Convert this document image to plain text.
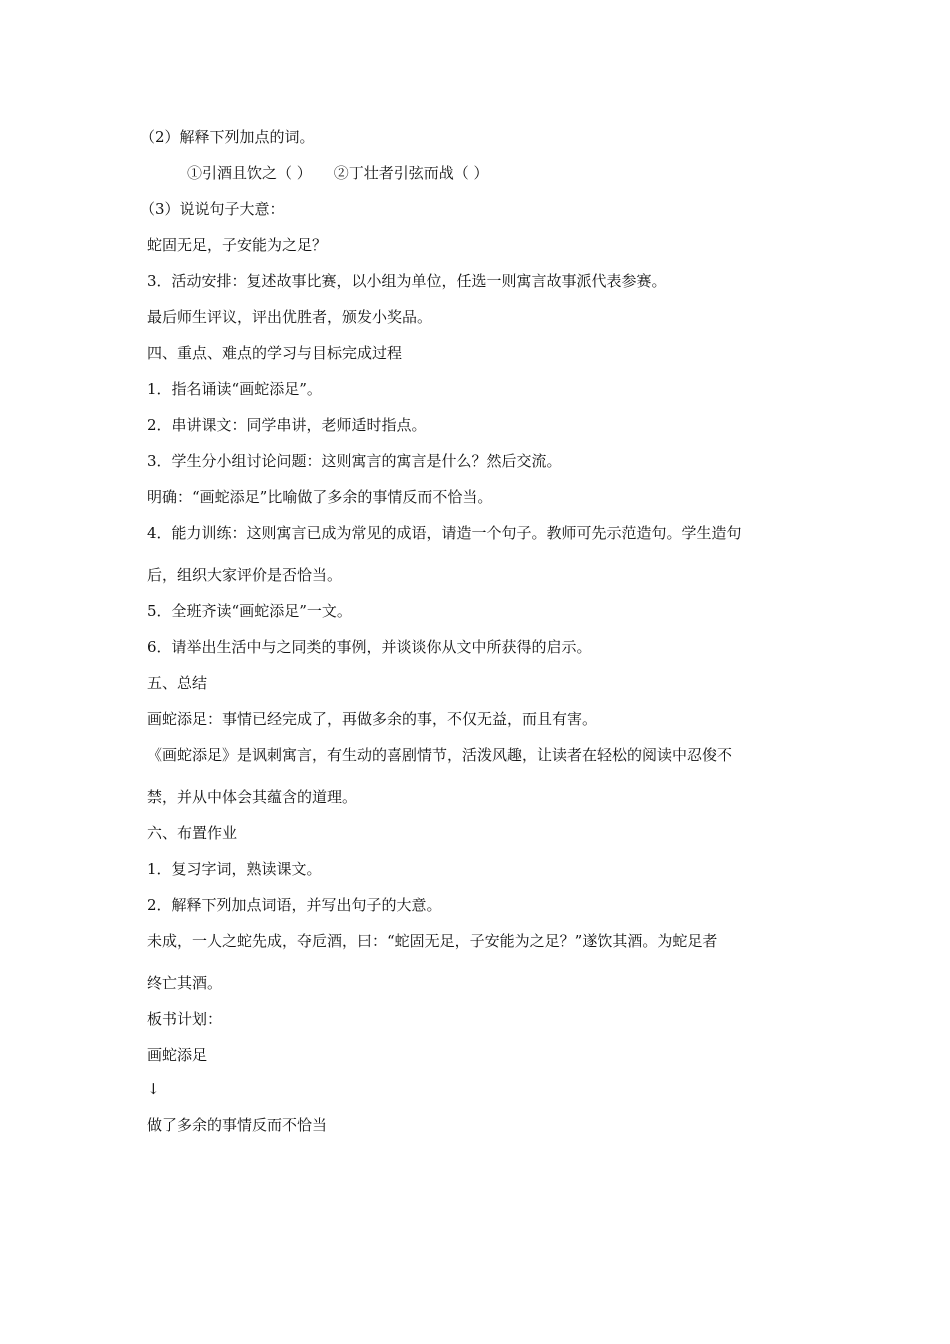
（2）解释下列加点的词。
①引酒且饮之（ ） ②丁壮者引弦而战（ ）
（3）说说句子大意：
蛇固无足，子安能为之足？
3．活动安排：复述故事比赛，以小组为单位，任选一则寓言故事派代表参赛。
最后师生评议，评出优胜者，颁发小奖品。
四、重点、难点的学习与目标完成过程
1．指名诵读“画蛇添足”。
2．串讲课文：同学串讲，老师适时指点。
3．学生分小组讨论问题：这则寓言的寓言是什么？然后交流。
明确：“画蛇添足”比喻做了多余的事情反而不恰当。
4．能力训练：这则寓言已成为常见的成语，请造一个句子。教师可先示范造句。学生造句
后，组织大家评价是否恰当。
5．全班齐读“画蛇添足”一文。
6．请举出生活中与之同类的事例，并谈谈你从文中所获得的启示。
五、总结
画蛇添足：事情已经完成了，再做多余的事，不仅无益，而且有害。
《画蛇添足》是讽刺寓言，有生动的喜剧情节，活泼风趣，让读者在轻松的阅读中忍俊不
禁，并从中体会其蕴含的道理。
六、布置作业
1．复习字词，熟读课文。
2．解释下列加点词语，并写出句子的大意。
未成，一人之蛇先成，夺卮酒，曰：“蛇固无足，子安能为之足？”遂饮其酒。为蛇足者
终亡其酒。
板书计划：
画蛇添足
↓
做了多余的事情反而不恰当
